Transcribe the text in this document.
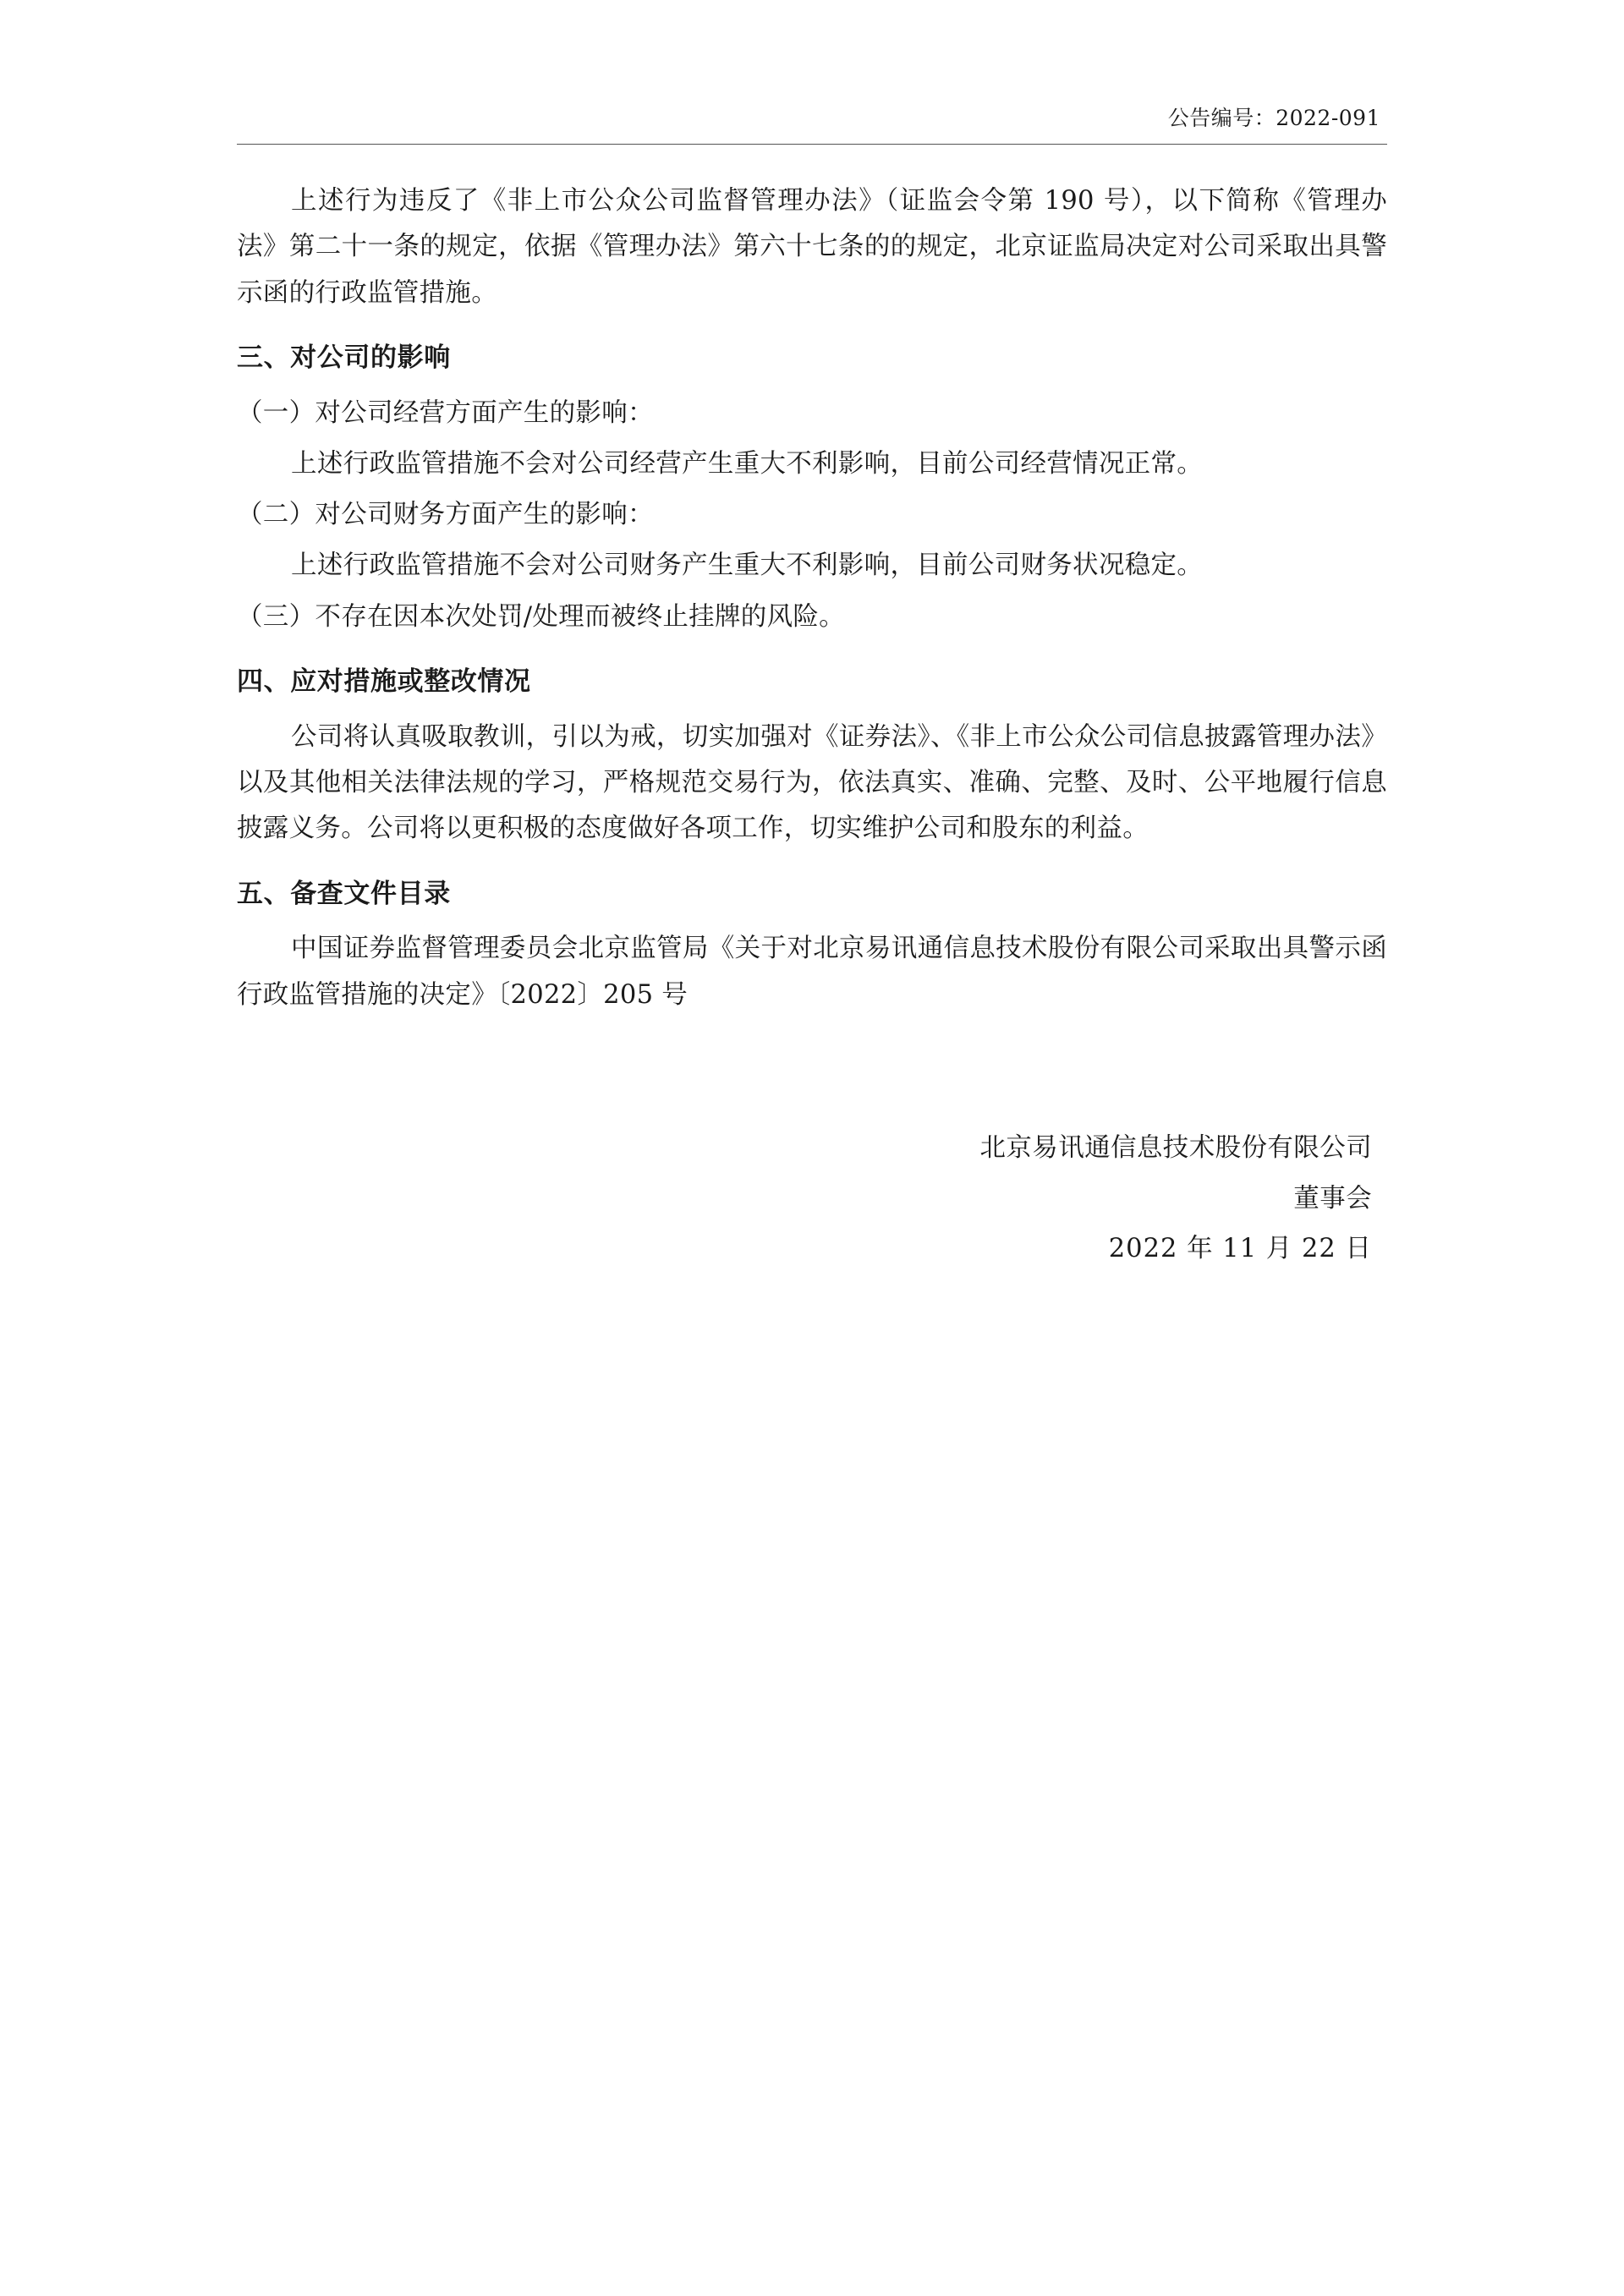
公告编号：2022-091

上述行为违反了《非上市公众公司监督管理办法》（证监会令第 190 号），以下简称《管理办法》第二十一条的规定，依据《管理办法》第六十七条的的规定，北京证监局决定对公司采取出具警示函的行政监管措施。

三、对公司的影响

（一）对公司经营方面产生的影响：

上述行政监管措施不会对公司经营产生重大不利影响，目前公司经营情况正常。

（二）对公司财务方面产生的影响：

上述行政监管措施不会对公司财务产生重大不利影响，目前公司财务状况稳定。

（三）不存在因本次处罚/处理而被终止挂牌的风险。

四、应对措施或整改情况

公司将认真吸取教训，引以为戒，切实加强对《证券法》、《非上市公众公司信息披露管理办法》以及其他相关法律法规的学习，严格规范交易行为，依法真实、准确、完整、及时、公平地履行信息披露义务。公司将以更积极的态度做好各项工作，切实维护公司和股东的利益。

五、备查文件目录

中国证券监督管理委员会北京监管局《关于对北京易讯通信息技术股份有限公司采取出具警示函行政监管措施的决定》〔2022〕205 号

北京易讯通信息技术股份有限公司
董事会
2022 年 11 月 22 日
